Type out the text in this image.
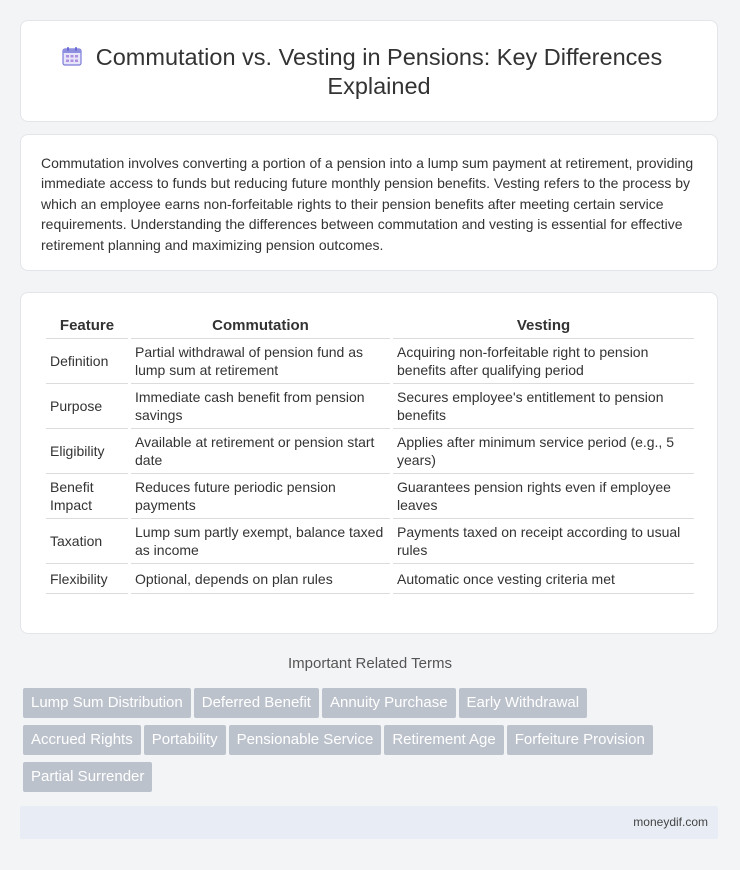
Commutation vs. Vesting in Pensions: Key Differences Explained

Commutation involves converting a portion of a pension into a lump sum payment at retirement, providing immediate access to funds but reducing future monthly pension benefits. Vesting refers to the process by which an employee earns non-forfeitable rights to their pension benefits after meeting certain service requirements. Understanding the differences between commutation and vesting is essential for effective retirement planning and maximizing pension outcomes.

Feature	Commutation	Vesting
Definition	Partial withdrawal of pension fund as lump sum at retirement	Acquiring non-forfeitable right to pension benefits after qualifying period
Purpose	Immediate cash benefit from pension savings	Secures employee's entitlement to pension benefits
Eligibility	Available at retirement or pension start date	Applies after minimum service period (e.g., 5 years)
Benefit Impact	Reduces future periodic pension payments	Guarantees pension rights even if employee leaves
Taxation	Lump sum partly exempt, balance taxed as income	Payments taxed on receipt according to usual rules
Flexibility	Optional, depends on plan rules	Automatic once vesting criteria met
Important Related Terms
Lump Sum Distribution Deferred Benefit Annuity Purchase Early Withdrawal
Accrued Rights Portability Pensionable Service Retirement Age Forfeiture Provision
Partial Surrender
moneydif.com
